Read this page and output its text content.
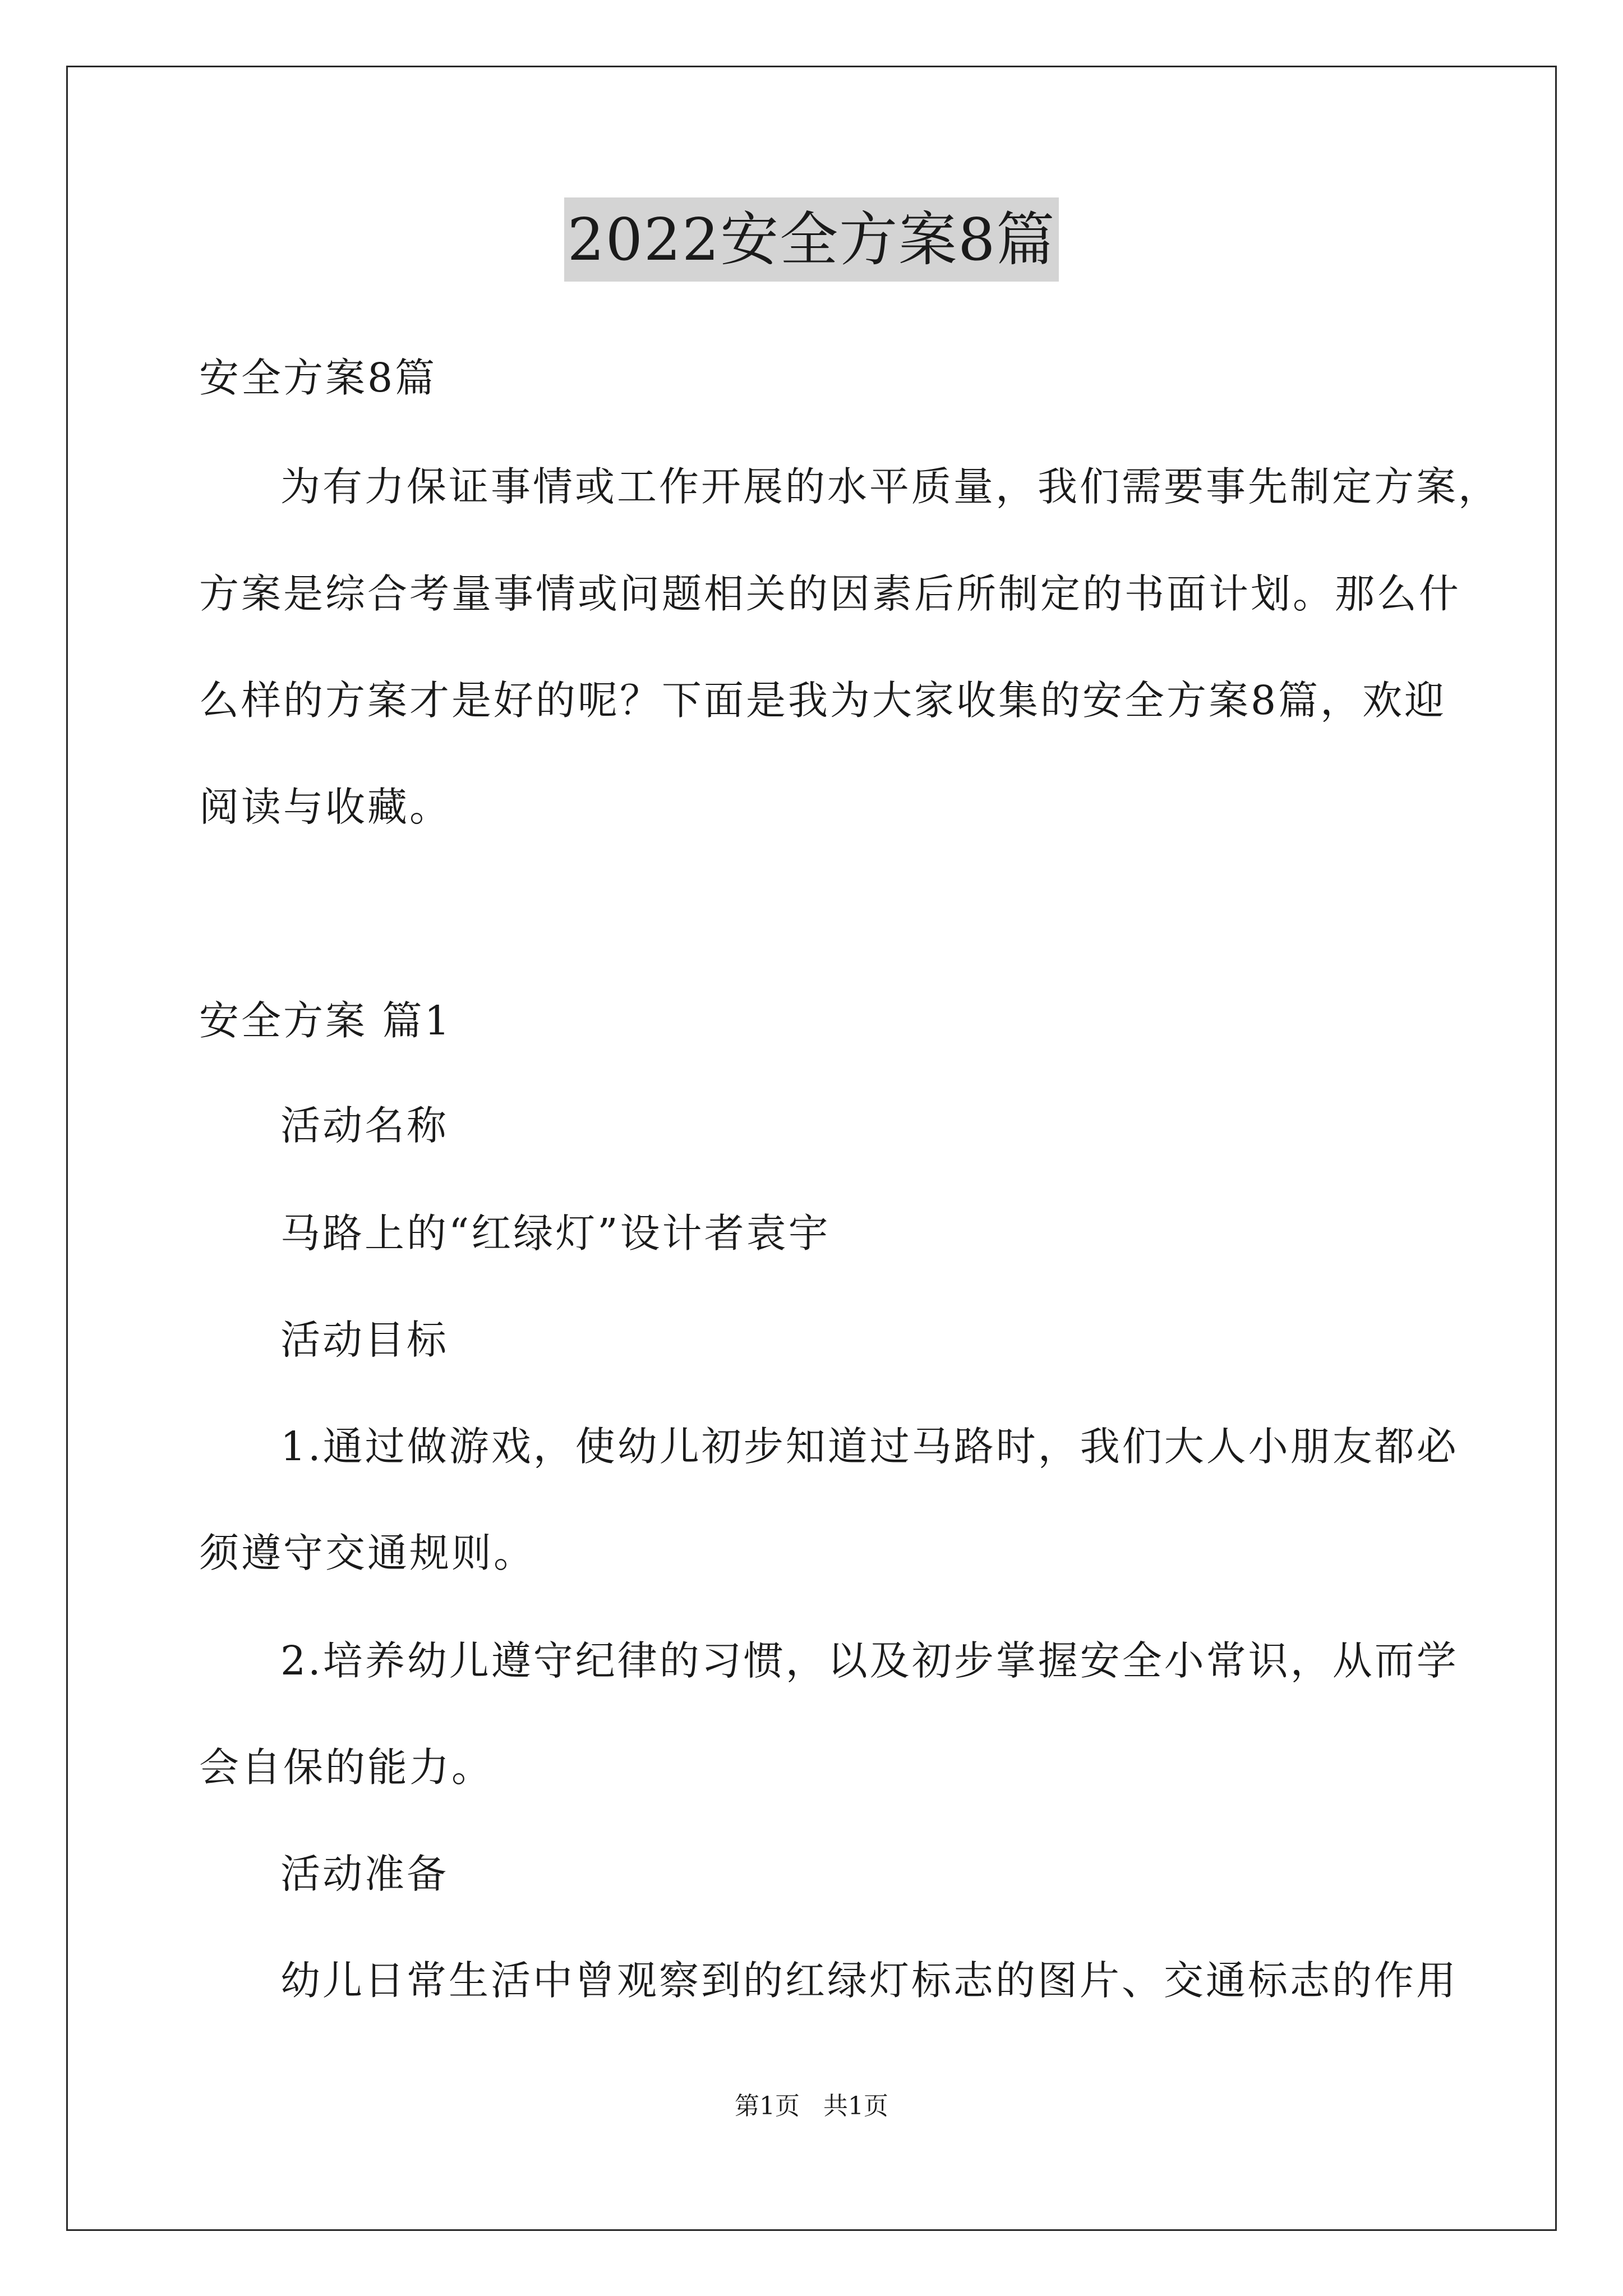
2022安全方案8篇
安全方案8篇
为有力保证事情或工作开展的水平质量，我们需要事先制定方案，
方案是综合考量事情或问题相关的因素后所制定的书面计划。那么什
么样的方案才是好的呢？下面是我为大家收集的安全方案8篇，欢迎
阅读与收藏。
安全方案 篇1
活动名称
马路上的“红绿灯”设计者袁宇
活动目标
1.通过做游戏，使幼儿初步知道过马路时，我们大人小朋友都必
须遵守交通规则。
2.培养幼儿遵守纪律的习惯，以及初步掌握安全小常识，从而学
会自保的能力。
活动准备
幼儿日常生活中曾观察到的红绿灯标志的图片、交通标志的作用
第1页   共1页
